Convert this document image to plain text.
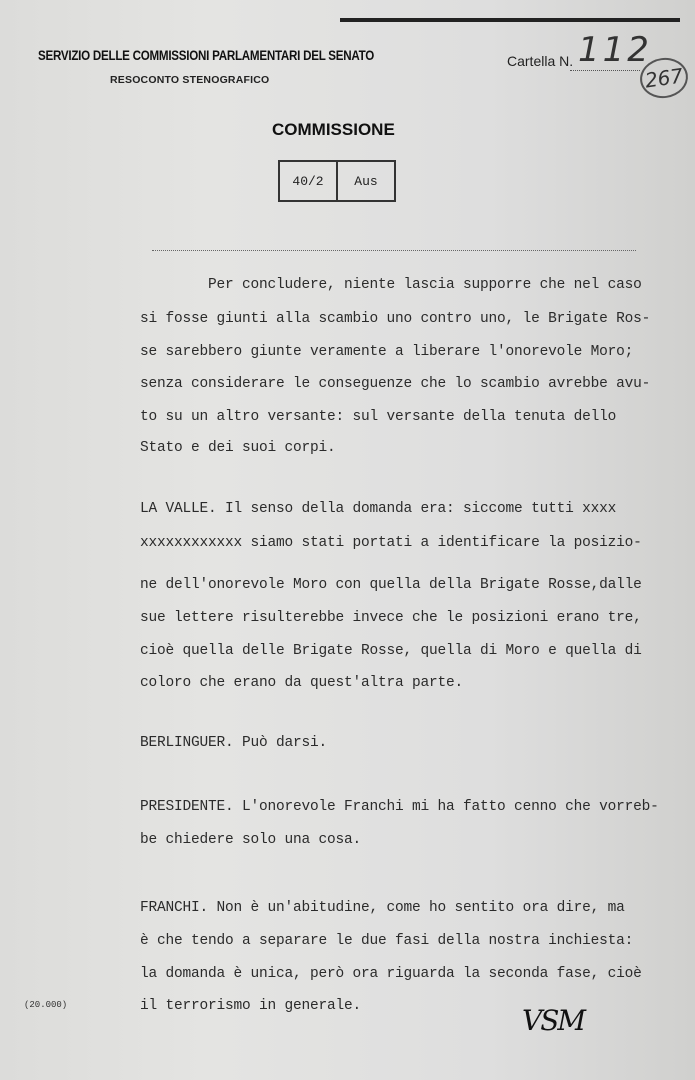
SERVIZIO DELLE COMMISSIONI PARLAMENTARI DEL SENATO
RESOCONTO STENOGRAFICO
Cartella N. 112
267
COMMISSIONE
40/2	Aus
Per concludere, niente lascia supporre che nel caso
si fosse giunti alla scambio uno contro uno, le Brigate Ros-
se sarebbero giunte veramente a liberare l'onorevole Moro;
senza considerare le conseguenze che lo scambio avrebbe avu-
to su un altro versante: sul versante della tenuta dello
Stato e dei suoi corpi.
LA VALLE. Il senso della domanda era: siccome tutti xxxx
xxxxxxxxxxxx siamo stati portati a identificare la posizio-
ne dell'onorevole Moro con quella della Brigate Rosse,dalle
sue lettere risulterebbe invece che le posizioni erano tre,
cioè quella delle Brigate Rosse, quella di Moro e quella di
coloro che erano da quest'altra parte.
BERLINGUER. Può darsi.
PRESIDENTE. L'onorevole Franchi mi ha fatto cenno che vorreb-
be chiedere solo una cosa.
FRANCHI. Non è un'abitudine, come ho sentito ora dire, ma
è che tendo a separare le due fasi della nostra inchiesta:
la domanda è unica, però ora riguarda la seconda fase, cioè
il terrorismo in generale.
(20.000)	VSM
